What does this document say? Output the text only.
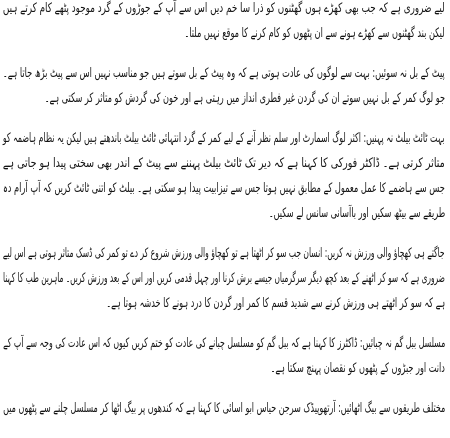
لیے ضروری ہے کہ جب بھی کھڑے ہوں گھٹنوں کو ذرا سا خم دیں اس سے آپ کے جوڑوں کے گرد موجود پٹھے کام کرتے ہیں
لیکن بند گھٹنوں سے کھڑے ہونے سے ان پٹھوں کو کام کرنے کا موقع نہیں ملتا۔
پیٹ کے بل نہ سوئیں: بہت سے لوگوں کی عادت ہوتی ہے کہ وہ پیٹ کے بل سوتے ہیں جو مناسب نہیں اس سے پیٹ بڑھ جاتا ہے۔
جو لوگ کمر کے بل نہیں سوتے ان کی گردن غیر فطری انداز میں رہتی ہے اور خون کی گردش کو متاثر کر سکتی ہے۔
بہت ٹائٹ بیلٹ نہ پہنیں: اکثر لوگ اسمارٹ اور سلم نظر آنے کے لیے کمر کے گرد انتہائی ٹائٹ بیلٹ باندھتے ہیں لیکن یہ نظام ہاضمہ کو
متاثر کرتی ہے۔ ڈاکٹر فورکی کا کہنا ہے کہ دیر تک ٹائٹ بیلٹ پہننے سے پیٹ کے اندر بھی سختی پیدا ہو جاتی ہے
جس سے ہاضمے کا عمل معمول کے مطابق نہیں ہوتا جس سے تیزابیت پیدا ہو سکتی ہے۔ بیلٹ کو اتنی ٹائٹ کریں کہ آپ آرام دہ
طریقے سے بیٹھ سکیں اور باآسانی سانس لے سکیں۔
جاگتے ہی کھچاؤ والی ورزش نہ کریں: انسان جب سو کر اٹھتا ہے تو کھچاؤ والی ورزش شروع کر دے تو کمر کی ڈسک متاثر ہوتی ہے اس لیے
ضروری ہے کہ سو کر اٹھنے کے بعد کچھ دیگر سرگرمیاں جیسے برش کرنا اور چہل قدمی کریں اور اس کے بعد ورزش کریں۔ ماہرین طب کا کہنا
ہے کہ سو کر اٹھتے ہی ورزش کرنے سے شدید قسم کا کمر اور گردن کا درد ہونے کا خدشہ ہوتا ہے۔
مسلسل ببل گم نہ چبائیں: ڈاکٹرز کا کہنا ہے کہ ببل گم کو مسلسل چبانے کی عادت کو ختم کریں کیوں کہ اس عادت کی وجہ سے آپ کے
دانت اور جبڑوں کے پٹھوں کو نقصان پہنچ سکتا ہے۔
مختلف طریقوں سے بیگ اٹھائیں: آرتھوپیڈک سرجن حیاس ابو اسائی کا کہنا ہے کہ کندھوں پر بیگ اٹھا کر مسلسل چلنے سے پٹھوں میں
